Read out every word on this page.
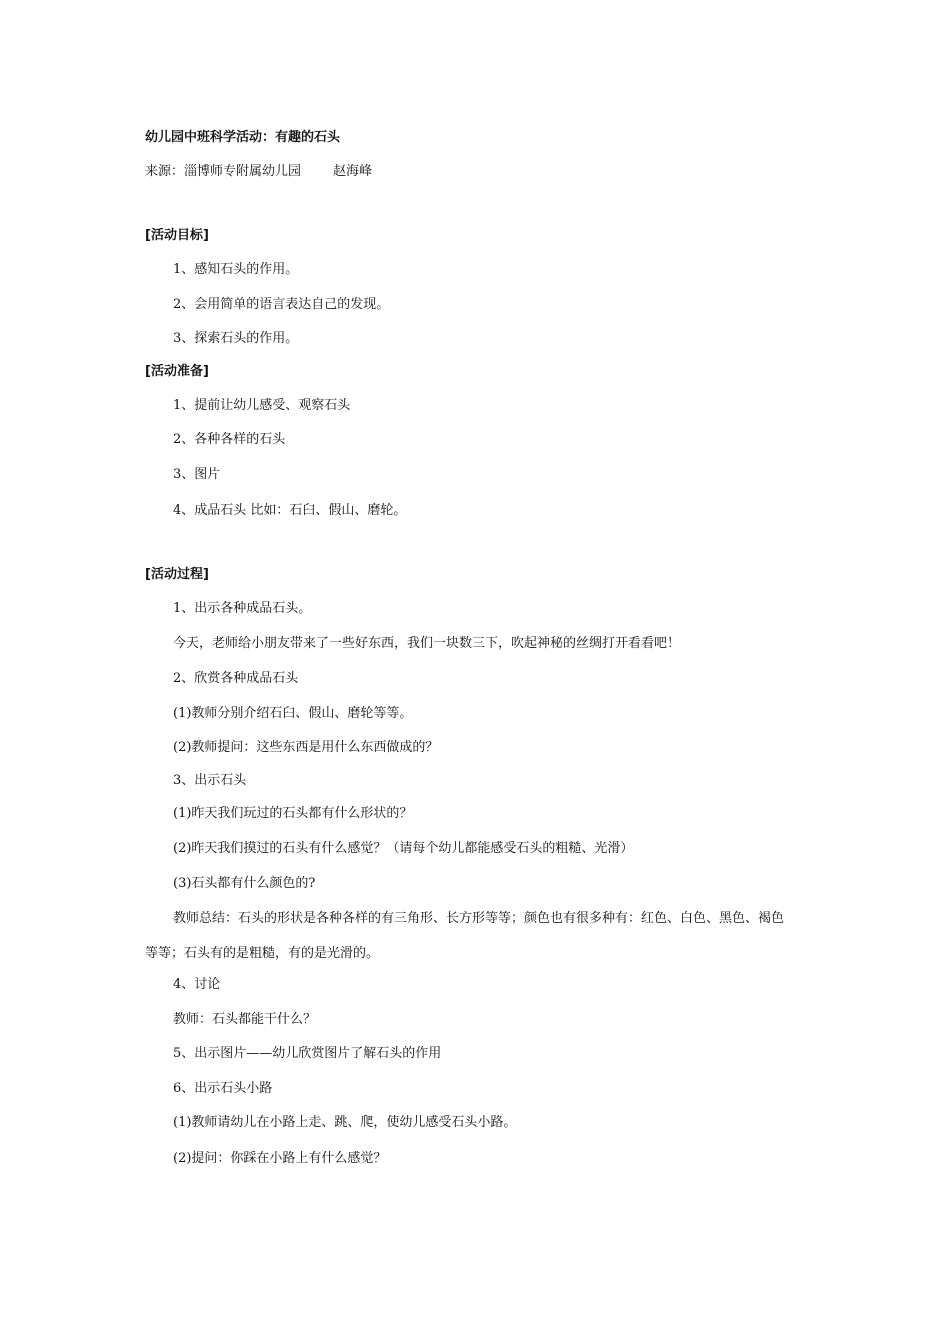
幼儿园中班科学活动：有趣的石头
来源：淄博师专附属幼儿园 赵海峰
[活动目标]
1、感知石头的作用。
2、会用简单的语言表达自己的发现。
3、探索石头的作用。
[活动准备]
1、提前让幼儿感受、观察石头
2、各种各样的石头
3、图片
4、成品石头 比如：石臼、假山、磨轮。
[活动过程]
1、出示各种成品石头。
今天，老师给小朋友带来了一些好东西，我们一块数三下，吹起神秘的丝绸打开看看吧！
2、欣赏各种成品石头
(1)教师分别介绍石臼、假山、磨轮等等。
(2)教师提问：这些东西是用什么东西做成的？
3、出示石头
(1)昨天我们玩过的石头都有什么形状的？
(2)昨天我们摸过的石头有什么感觉？（请每个幼儿都能感受石头的粗糙、光滑）
(3)石头都有什么颜色的?
教师总结：石头的形状是各种各样的有三角形、长方形等等；颜色也有很多种有：红色、白色、黑色、褐色
等等；石头有的是粗糙，有的是光滑的。
4、讨论
教师：石头都能干什么？
5、出示图片——幼儿欣赏图片了解石头的作用
6、出示石头小路
(1)教师请幼儿在小路上走、跳、爬，使幼儿感受石头小路。
(2)提问：你踩在小路上有什么感觉？
